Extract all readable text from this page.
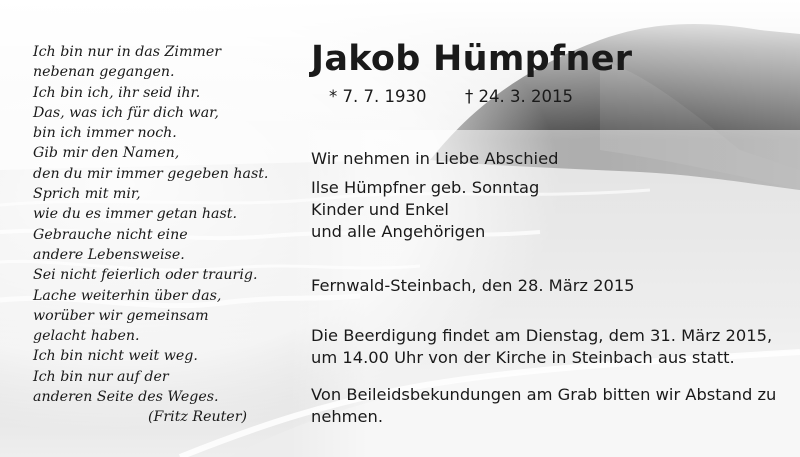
Ich bin nur in das Zimmer
nebenan gegangen.
Ich bin ich, ihr seid ihr.
Das, was ich für dich war,
bin ich immer noch.
Gib mir den Namen,
den du mir immer gegeben hast.
Sprich mit mir,
wie du es immer getan hast.
Gebrauche nicht eine
andere Lebensweise.
Sei nicht feierlich oder traurig.
Lache weiterhin über das,
worüber wir gemeinsam
gelacht haben.
Ich bin nicht weit weg.
Ich bin nur auf der
anderen Seite des Weges.
(Fritz Reuter)
Jakob Hümpfner
* 7. 7. 1930 † 24. 3. 2015
Wir nehmen in Liebe Abschied
Ilse Hümpfner geb. Sonntag
Kinder und Enkel
und alle Angehörigen
Fernwald-Steinbach, den 28. März 2015
Die Beerdigung findet am Dienstag, dem 31. März 2015,
um 14.00 Uhr von der Kirche in Steinbach aus statt.
Von Beileidsbekundungen am Grab bitten wir Abstand zu
nehmen.
